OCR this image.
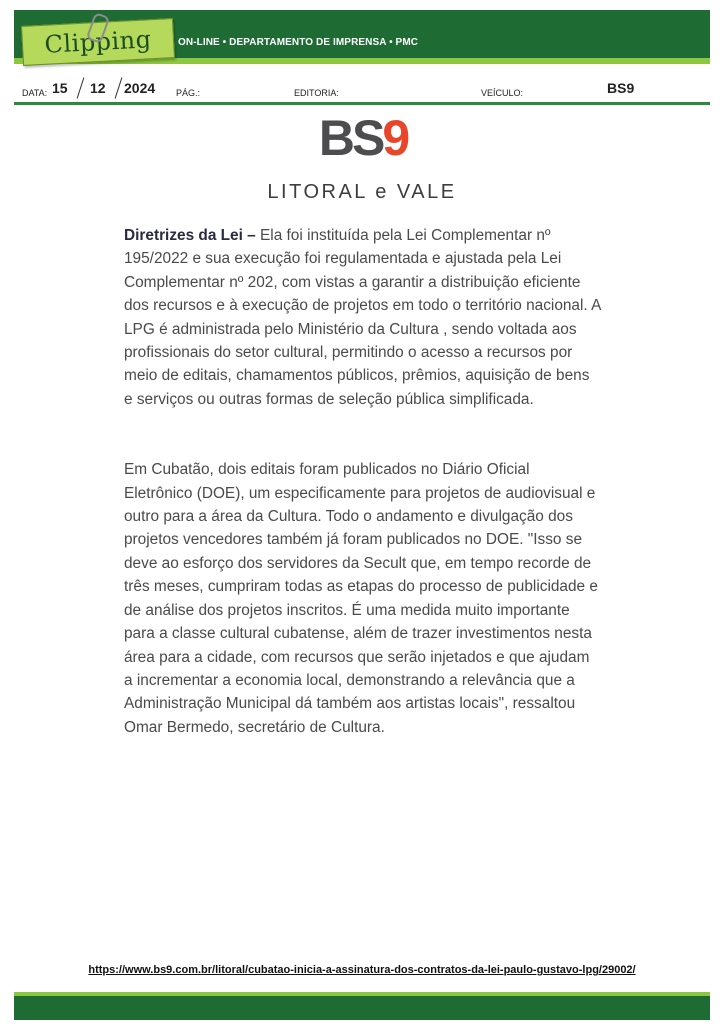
Clipping	ON-LINE • DEPARTAMENTO DE IMPRENSA • PMC
DATA: 15 12 2024 PÁG.:	EDITORIA:	VEÍCULO:	BS9
BS9
LITORAL e VALE

Diretrizes da Lei – Ela foi instituída pela Lei Complementar nº 195/2022 e sua execução foi regulamentada e ajustada pela Lei Complementar nº 202, com vistas a garantir a distribuição eficiente dos recursos e à execução de projetos em todo o território nacional. A LPG é administrada pelo Ministério da Cultura , sendo voltada aos profissionais do setor cultural, permitindo o acesso a recursos por meio de editais, chamamentos públicos, prêmios, aquisição de bens e serviços ou outras formas de seleção pública simplificada.

Em Cubatão, dois editais foram publicados no Diário Oficial Eletrônico (DOE), um especificamente para projetos de audiovisual e outro para a área da Cultura. Todo o andamento e divulgação dos projetos vencedores também já foram publicados no DOE. "Isso se deve ao esforço dos servidores da Secult que, em tempo recorde de três meses, cumpriram todas as etapas do processo de publicidade e de análise dos projetos inscritos. É uma medida muito importante para a classe cultural cubatense, além de trazer investimentos nesta área para a cidade, com recursos que serão injetados e que ajudam a incrementar a economia local, demonstrando a relevância que a Administração Municipal dá também aos artistas locais", ressaltou Omar Bermedo, secretário de Cultura.

https://www.bs9.com.br/litoral/cubatao-inicia-a-assinatura-dos-contratos-da-lei-paulo-gustavo-lpg/29002/
